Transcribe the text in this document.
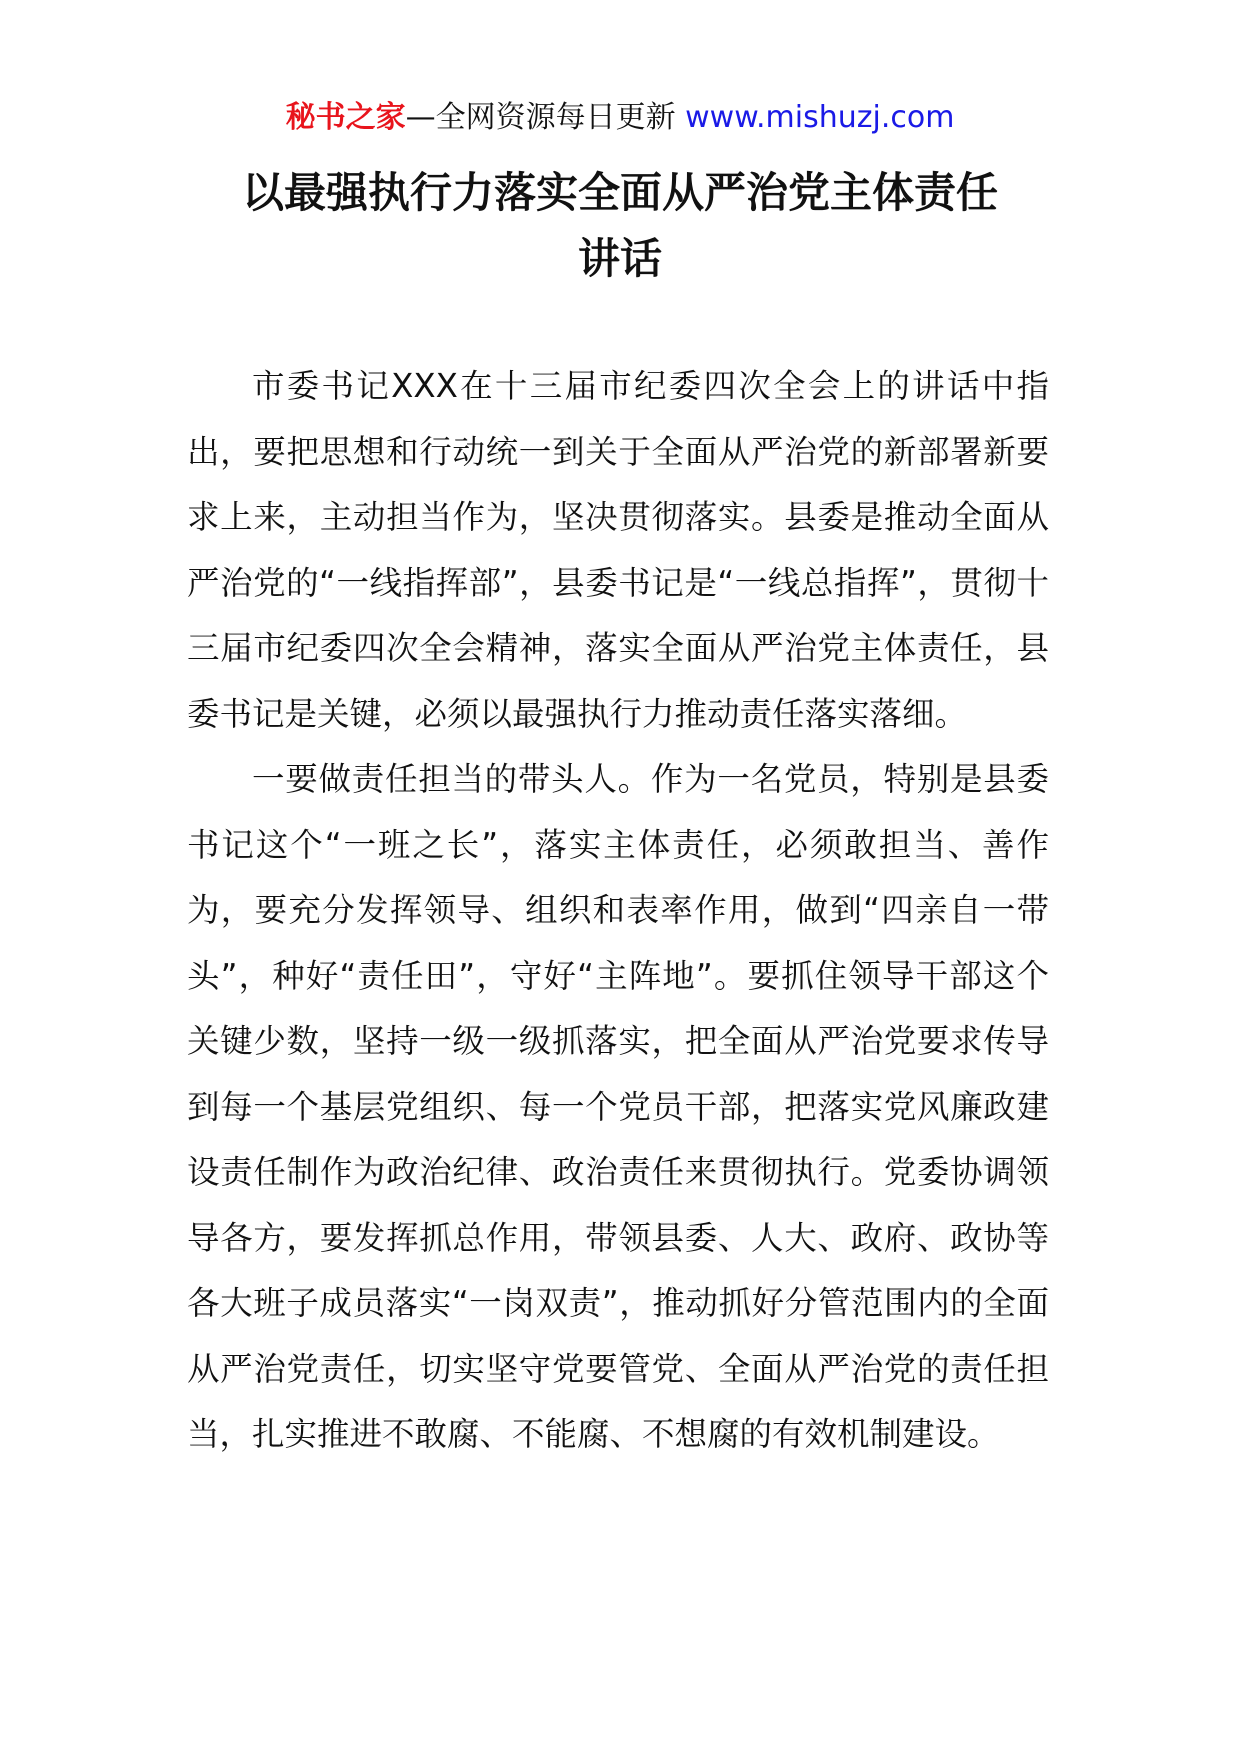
秘书之家—全网资源每日更新 www.mishuzj.com
以最强执行力落实全面从严治党主体责任
讲话

市委书记XXX在十三届市纪委四次全会上的讲话中指出，要把思想和行动统一到关于全面从严治党的新部署新要求上来，主动担当作为，坚决贯彻落实。县委是推动全面从严治党的“一线指挥部”，县委书记是“一线总指挥”，贯彻十三届市纪委四次全会精神，落实全面从严治党主体责任，县委书记是关键，必须以最强执行力推动责任落实落细。

一要做责任担当的带头人。作为一名党员，特别是县委书记这个“一班之长”，落实主体责任，必须敢担当、善作为，要充分发挥领导、组织和表率作用，做到“四亲自一带头”，种好“责任田”，守好“主阵地”。要抓住领导干部这个关键少数，坚持一级一级抓落实，把全面从严治党要求传导到每一个基层党组织、每一个党员干部，把落实党风廉政建设责任制作为政治纪律、政治责任来贯彻执行。党委协调领导各方，要发挥抓总作用，带领县委、人大、政府、政协等各大班子成员落实“一岗双责”，推动抓好分管范围内的全面从严治党责任，切实坚守党要管党、全面从严治党的责任担当，扎实推进不敢腐、不能腐、不想腐的有效机制建设。
